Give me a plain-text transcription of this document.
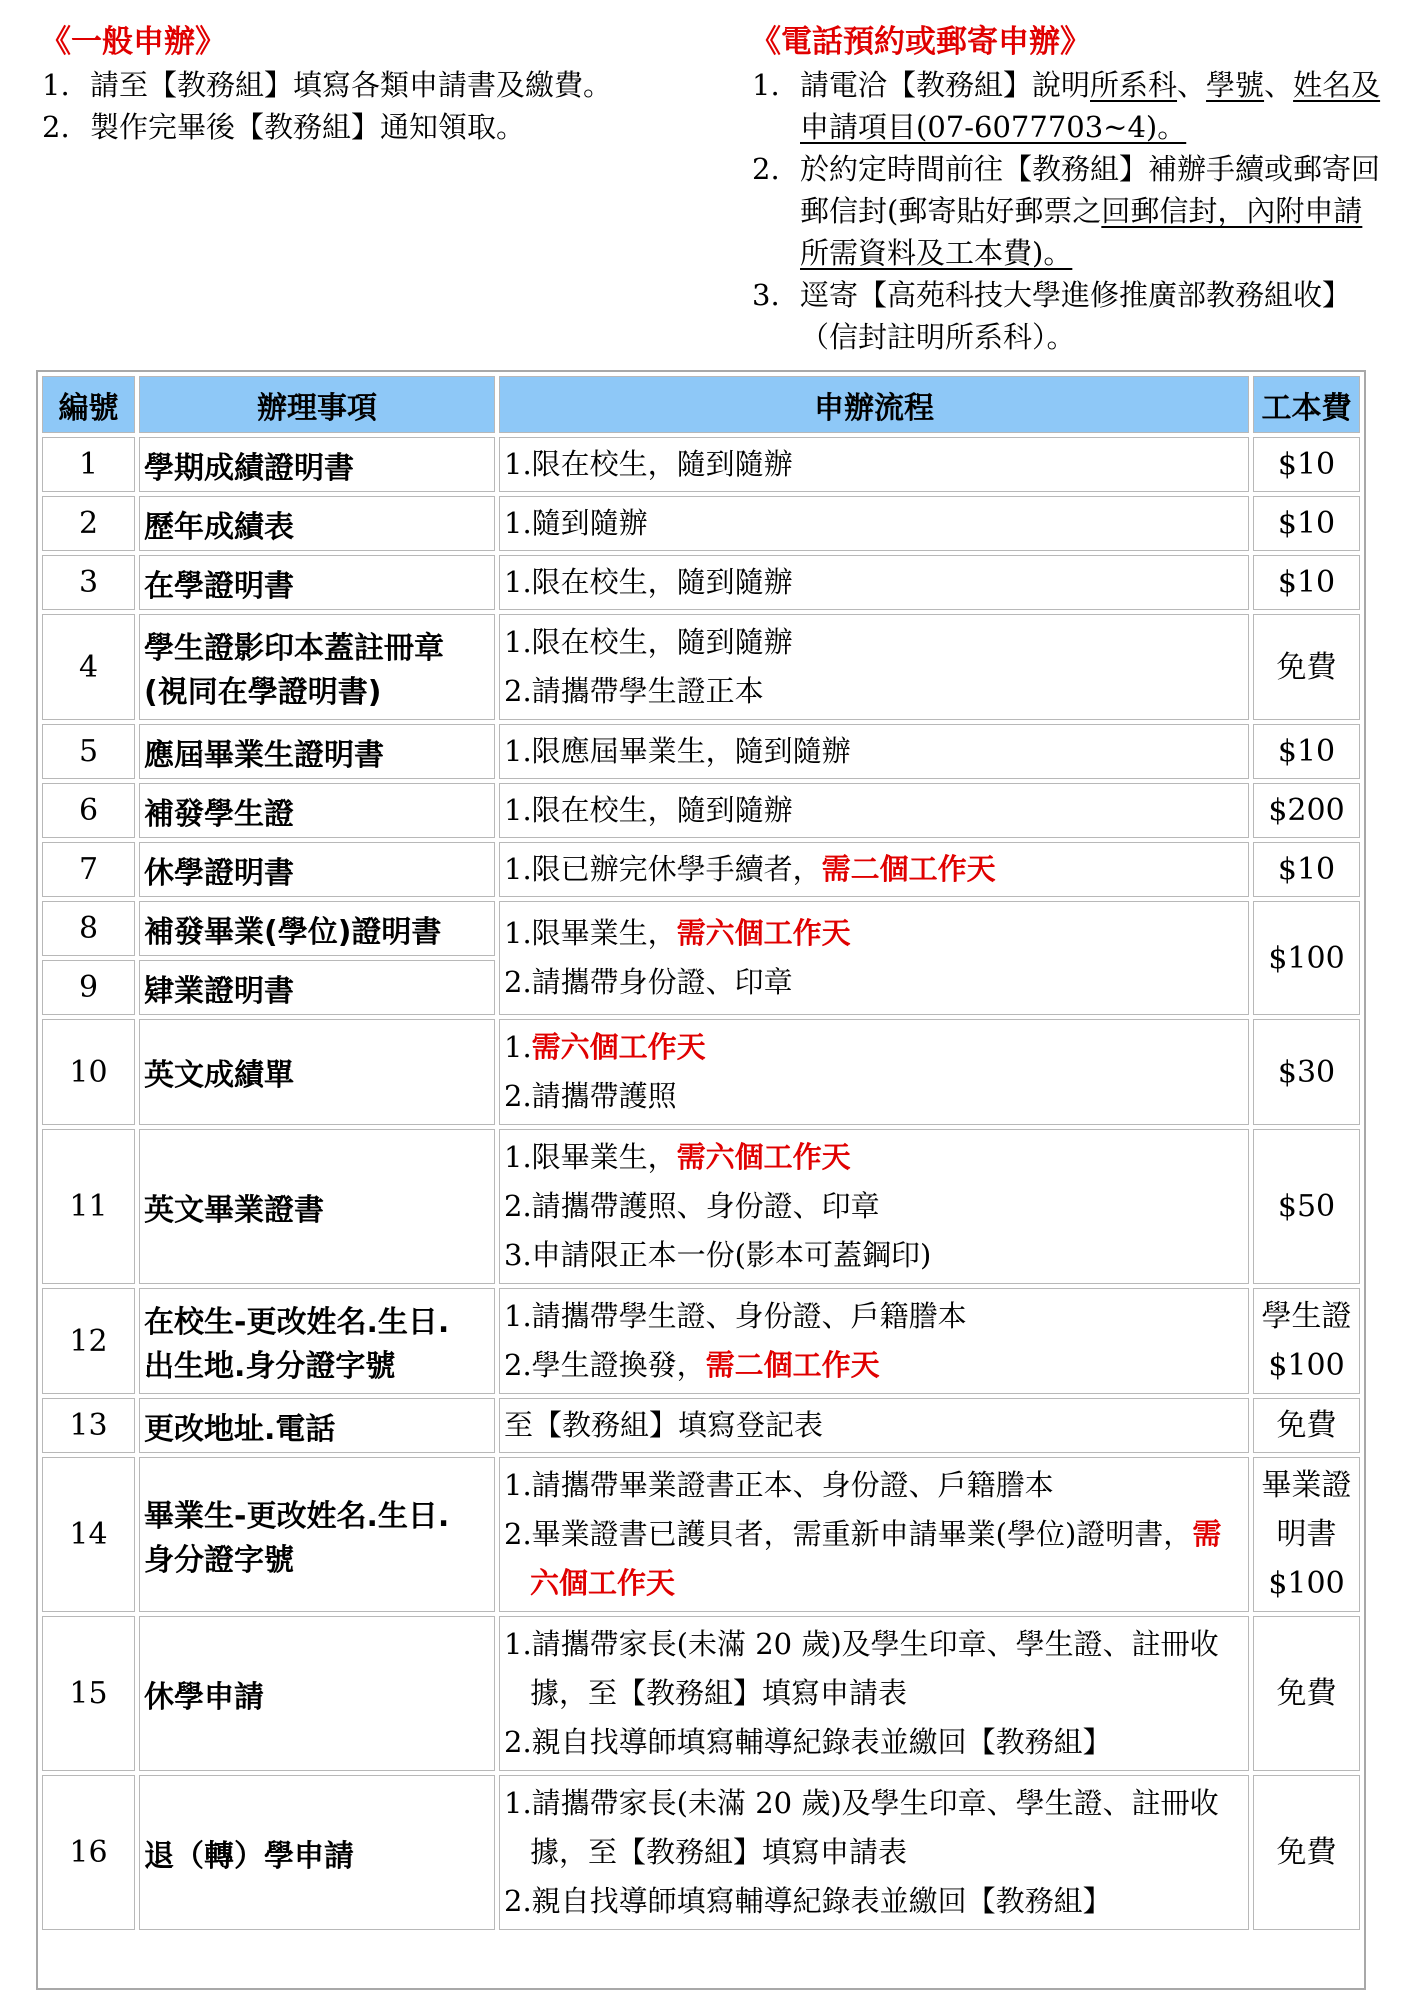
《一般申辦》
1. 請至【教務組】填寫各類申請書及繳費。
2. 製作完畢後【教務組】通知領取。
《電話預約或郵寄申辦》
1. 請電洽【教務組】說明所系科、學號、姓名及申請項目(07-6077703~4)。
2. 於約定時間前往【教務組】補辦手續或郵寄回郵信封(郵寄貼好郵票之回郵信封，內附申請所需資料及工本費)。
3. 逕寄【高苑科技大學進修推廣部教務組收】（信封註明所系科）。
編號	辦理事項	申辦流程	工本費
1	學期成績證明書	1.限在校生，隨到隨辦	$10
2	歷年成績表	1.隨到隨辦	$10
3	在學證明書	1.限在校生，隨到隨辦	$10
4	學生證影印本蓋註冊章
(視同在學證明書)	1.限在校生，隨到隨辦
2.請攜帶學生證正本	免費
5	應屆畢業生證明書	1.限應屆畢業生，隨到隨辦	$10
6	補發學生證	1.限在校生，隨到隨辦	$200
7	休學證明書	1.限已辦完休學手續者，需二個工作天	$10
8	補發畢業(學位)證明書	1.限畢業生，需六個工作天
2.請攜帶身份證、印章	$100
9	肄業證明書		
10	英文成績單	1.需六個工作天
2.請攜帶護照	$30
11	英文畢業證書	1.限畢業生，需六個工作天
2.請攜帶護照、身份證、印章
3.申請限正本一份(影本可蓋鋼印)	$50
12	在校生-更改姓名.生日.
出生地.身分證字號	1.請攜帶學生證、身份證、戶籍謄本
2.學生證換發，需二個工作天	學生證
$100

13	更改地址.電話	至【教務組】填寫登記表	免費
14	畢業生-更改姓名.生日.
身分證字號	1.請攜帶畢業證書正本、身份證、戶籍謄本
2.畢業證書已護貝者，需重新申請畢業(學位)證明書，需六個工作天	畢業證
明書
$100

15	休學申請	1.請攜帶家長(未滿 20 歲)及學生印章、學生證、註冊收據，至【教務組】填寫申請表
2.親自找導師填寫輔導紀錄表並繳回【教務組】	免費
16	退（轉）學申請	1.請攜帶家長(未滿 20 歲)及學生印章、學生證、註冊收據，至【教務組】填寫申請表
2.親自找導師填寫輔導紀錄表並繳回【教務組】	免費
